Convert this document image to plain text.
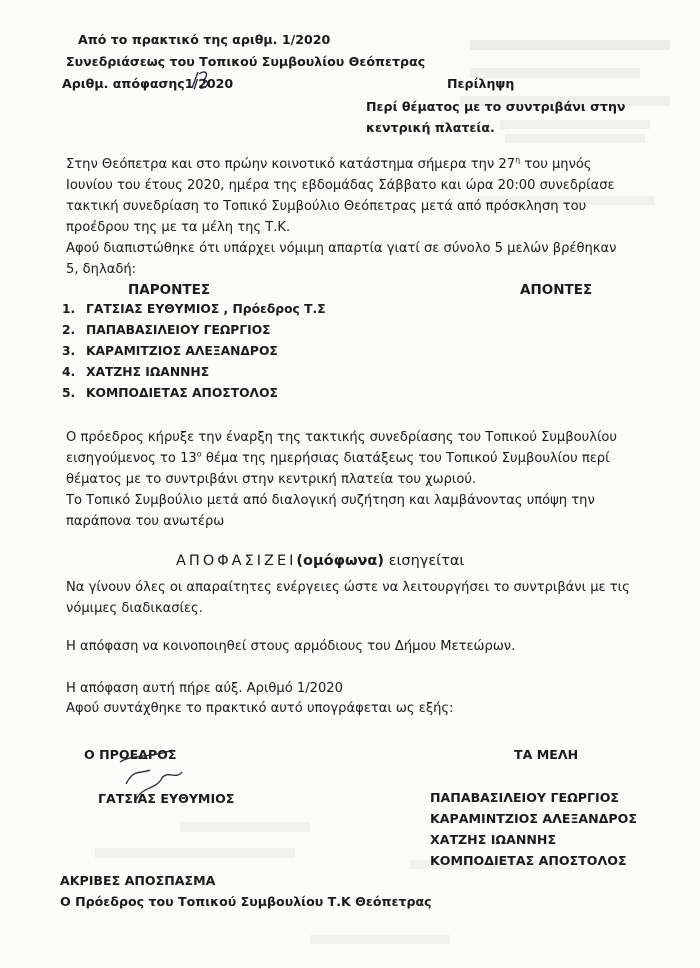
Από το πρακτικό της αριθμ. 1/2020
Συνεδριάσεως του Τοπικού Συμβουλίου Θεόπετρας
Αριθμ. απόφασης1/2020	Περίληψη
Περί θέματος με το συντριβάνι στην
κεντρική πλατεία.
Στην Θεόπετρα και στο πρώην κοινοτικό κατάστημα σήμερα την $27^\eta$ του μηνός
Ιουνίου του έτους 2020, ημέρα της εβδομάδας Σάββατο και ώρα 20:00 συνεδρίασε
τακτική συνεδρίαση το Τοπικό Συμβούλιο Θεόπετρας μετά από πρόσκληση του
προέδρου της με τα μέλη της Τ.Κ.
Αφού διαπιστώθηκε ότι υπάρχει νόμιμη απαρτία γιατί σε σύνολο 5 μελών βρέθηκαν
5, δηλαδή:
ΠΑΡΟΝΤΕΣ	ΑΠΟΝΤΕΣ
1. ΓΑΤΣΙΑΣ ΕΥΘΥΜΙΟΣ , Πρόεδρος Τ.Σ
2. ΠΑΠΑΒΑΣΙΛΕΙΟΥ ΓΕΩΡΓΙΟΣ
3. ΚΑΡΑΜΙΤΖΙΟΣ ΑΛΕΞΑΝΔΡΟΣ
4. ΧΑΤΖΗΣ ΙΩΑΝΝΗΣ
5. ΚΟΜΠΟΔΙΕΤΑΣ ΑΠΟΣΤΟΛΟΣ
Ο πρόεδρος κήρυξε την έναρξη της τακτικής συνεδρίασης του Τοπικού Συμβουλίου
εισηγούμενος το $13^o$ θέμα της ημερήσιας διατάξεως του Τοπικού Συμβουλίου περί
θέματος με το συντριβάνι στην κεντρική πλατεία του χωριού.
Το Τοπικό Συμβούλιο μετά από διαλογική συζήτηση και λαμβάνοντας υπόψη την
παράπονα του ανωτέρω
ΑΠΟΦΑΣΙΖΕΙ(ομόφωνα) εισηγείται
Να γίνουν όλες οι απαραίτητες ενέργειες ώστε να λειτουργήσει το συντριβάνι με τις
νόμιμες διαδικασίες.
Η απόφαση να κοινοποιηθεί στους αρμόδιους του Δήμου Μετεώρων.
Η απόφαση αυτή πήρε αύξ. Αριθμό 1/2020
Αφού συντάχθηκε το πρακτικό αυτό υπογράφεται ως εξής:
Ο ΠΡΟΕΔΡΟΣ
ΓΑΤΣΙΑΣ ΕΥΘΥΜΙΟΣ
ΤΑ ΜΕΛΗ
ΠΑΠΑΒΑΣΙΛΕΙΟΥ ΓΕΩΡΓΙΟΣ
ΚΑΡΑΜΙΝΤΖΙΟΣ ΑΛΕΞΑΝΔΡΟΣ
ΧΑΤΖΗΣ ΙΩΑΝΝΗΣ
ΚΟΜΠΟΔΙΕΤΑΣ ΑΠΟΣΤΟΛΟΣ
ΑΚΡΙΒΕΣ ΑΠΟΣΠΑΣΜΑ
Ο Πρόεδρος του Τοπικού Συμβουλίου Τ.Κ Θεόπετρας
